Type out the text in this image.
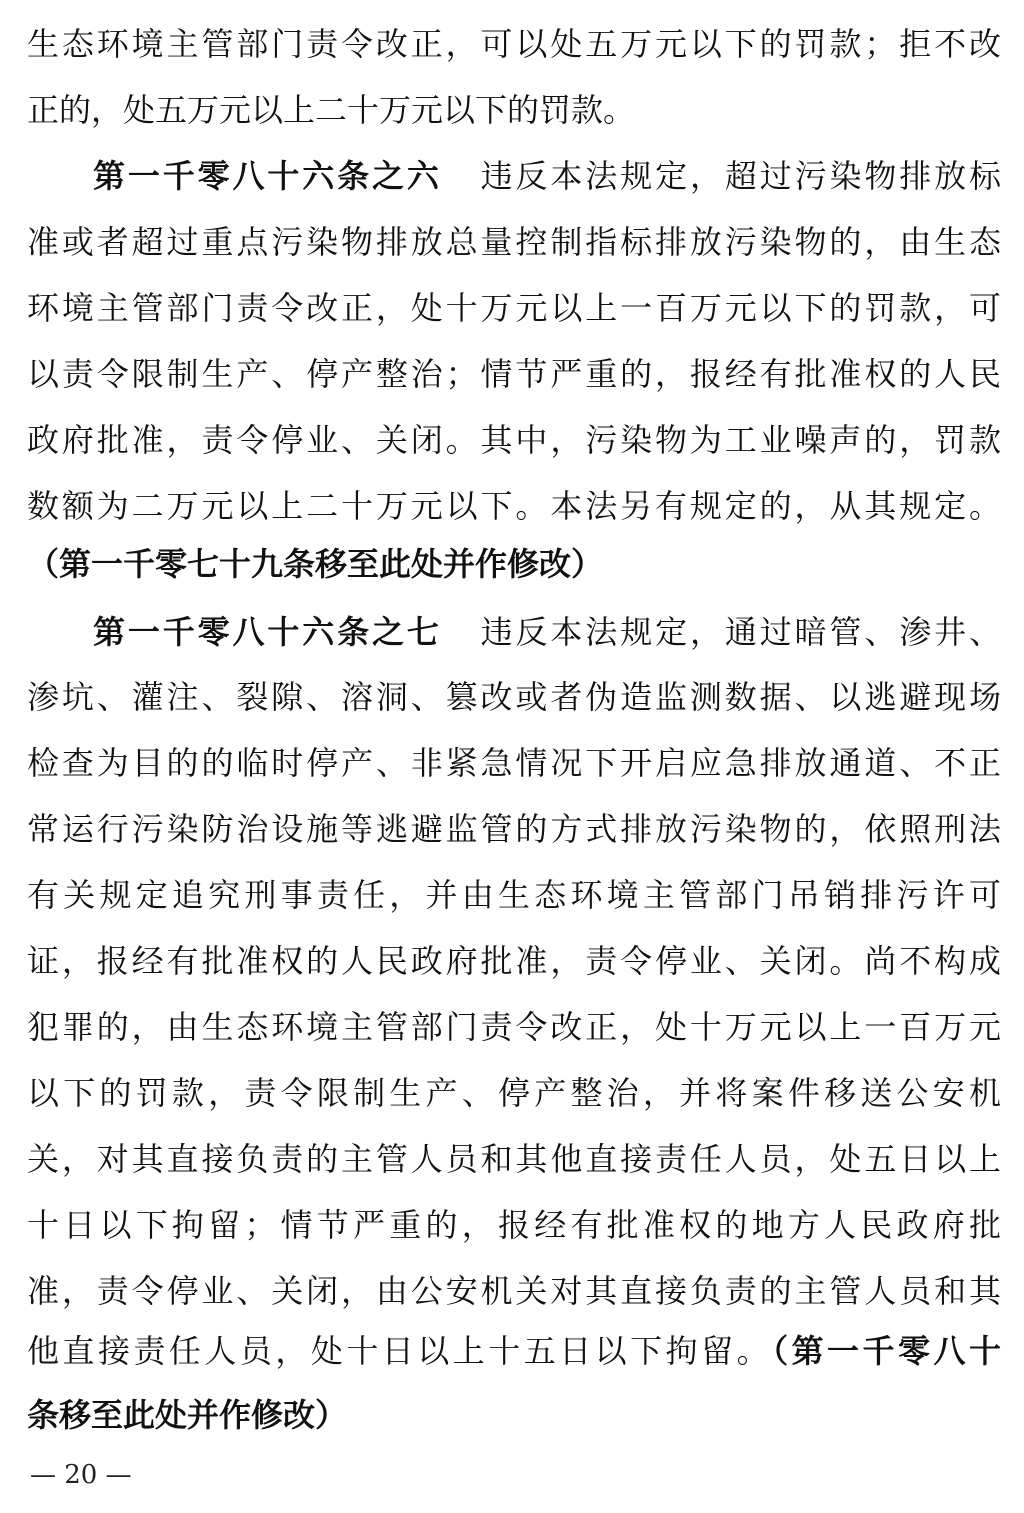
生态环境主管部门责令改正，可以处五万元以下的罚款；拒不改
正的，处五万元以上二十万元以下的罚款。
第一千零八十六条之六 违反本法规定，超过污染物排放标
准或者超过重点污染物排放总量控制指标排放污染物的，由生态
环境主管部门责令改正，处十万元以上一百万元以下的罚款，可
以责令限制生产、停产整治；情节严重的，报经有批准权的人民
政府批准，责令停业、关闭。其中，污染物为工业噪声的，罚款
数额为二万元以上二十万元以下。本法另有规定的，从其规定。
（第一千零七十九条移至此处并作修改）
第一千零八十六条之七 违反本法规定，通过暗管、渗井、
渗坑、灌注、裂隙、溶洞、篡改或者伪造监测数据、以逃避现场
检查为目的的临时停产、非紧急情况下开启应急排放通道、不正
常运行污染防治设施等逃避监管的方式排放污染物的，依照刑法
有关规定追究刑事责任，并由生态环境主管部门吊销排污许可
证，报经有批准权的人民政府批准，责令停业、关闭。尚不构成
犯罪的，由生态环境主管部门责令改正，处十万元以上一百万元
以下的罚款，责令限制生产、停产整治，并将案件移送公安机
关，对其直接负责的主管人员和其他直接责任人员，处五日以上
十日以下拘留；情节严重的，报经有批准权的地方人民政府批
准，责令停业、关闭，由公安机关对其直接负责的主管人员和其
他直接责任人员，处十日以上十五日以下拘留。（第一千零八十
条移至此处并作修改）
— 20 —
